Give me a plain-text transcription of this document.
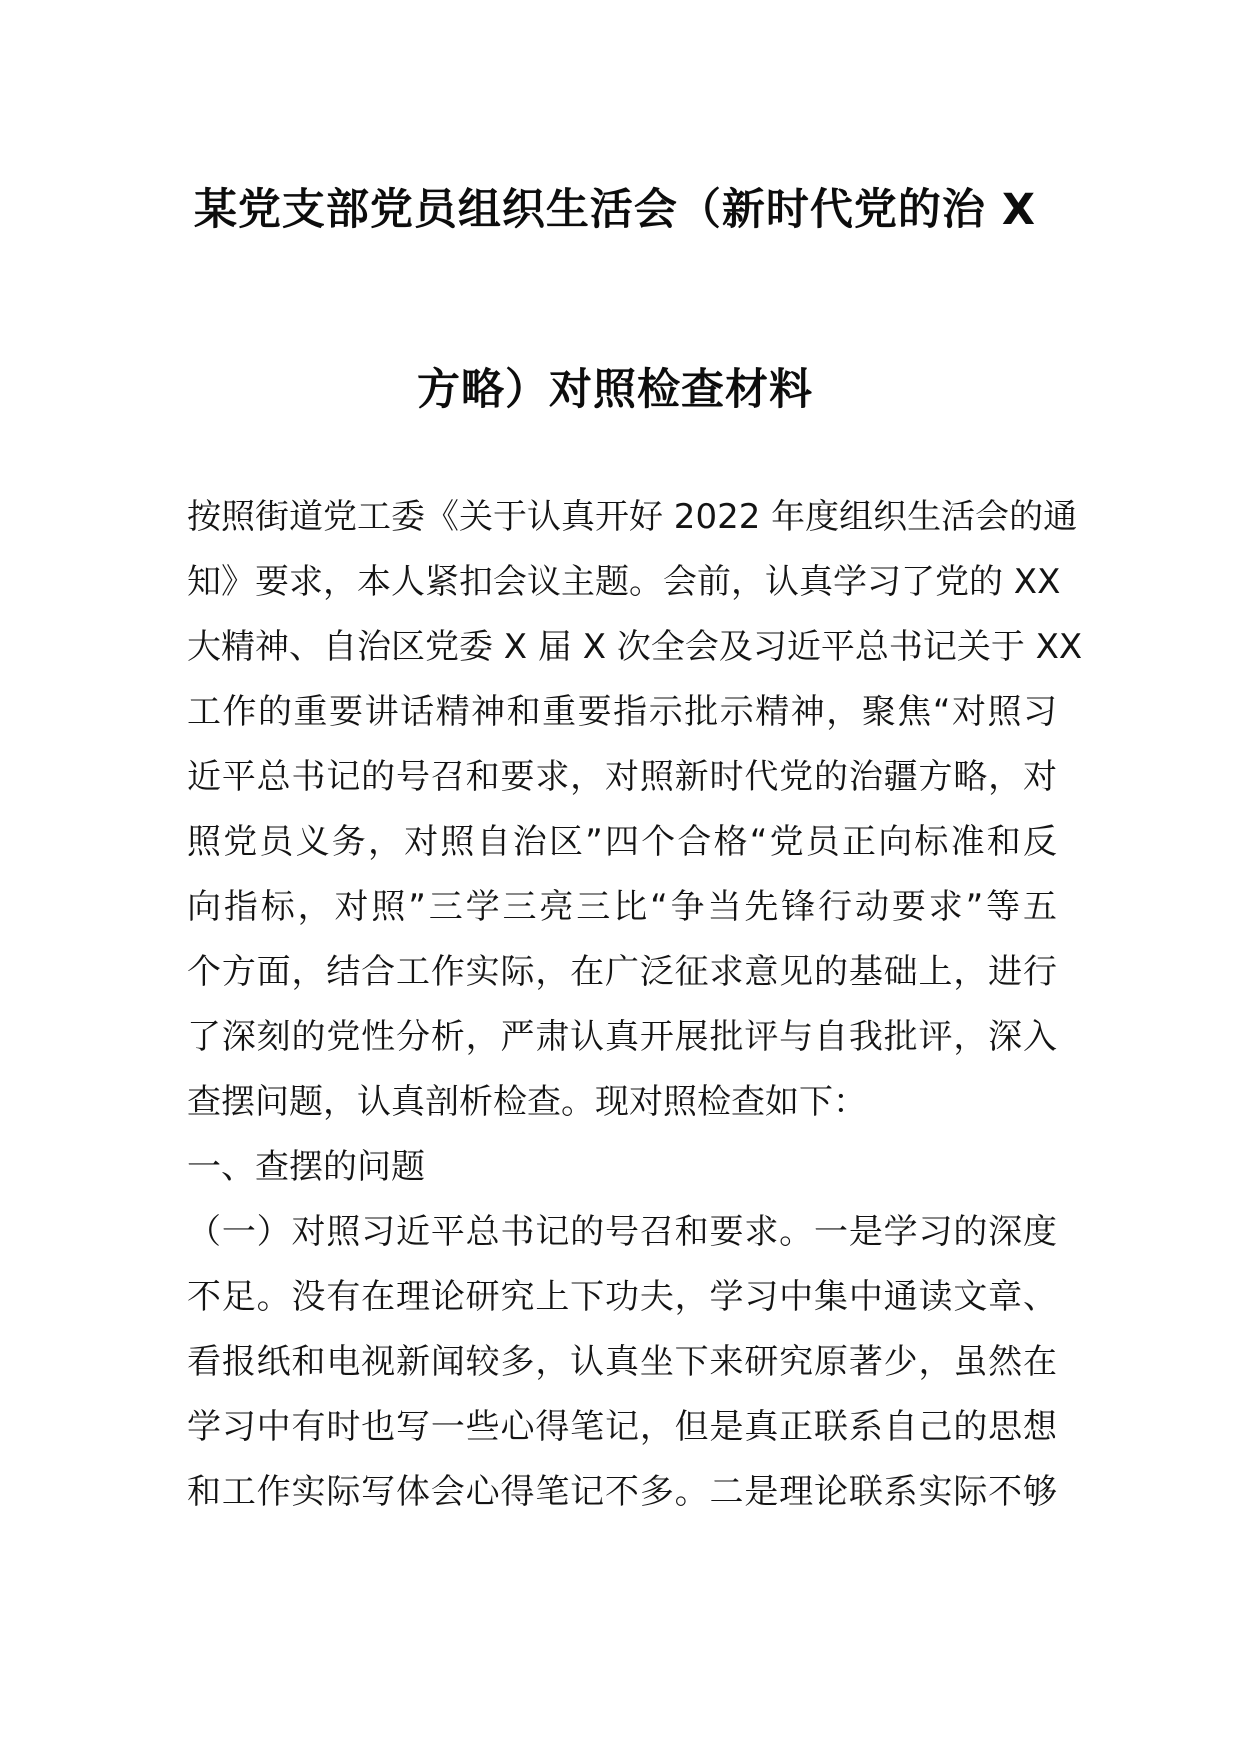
某党支部党员组织生活会（新时代党的治 X
方略）对照检查材料
按照街道党工委《关于认真开好 2022 年度组织生活会的通
知》要求，本人紧扣会议主题。会前，认真学习了党的 XX
大精神、自治区党委 X 届 X 次全会及习近平总书记关于 XX
工作的重要讲话精神和重要指示批示精神，聚焦“对照习
近平总书记的号召和要求，对照新时代党的治疆方略，对
照党员义务，对照自治区”四个合格“党员正向标准和反
向指标，对照”三学三亮三比“争当先锋行动要求”等五
个方面，结合工作实际，在广泛征求意见的基础上，进行
了深刻的党性分析，严肃认真开展批评与自我批评，深入
查摆问题，认真剖析检查。现对照检查如下：
一、查摆的问题
（一）对照习近平总书记的号召和要求。一是学习的深度
不足。没有在理论研究上下功夫，学习中集中通读文章、
看报纸和电视新闻较多，认真坐下来研究原著少，虽然在
学习中有时也写一些心得笔记，但是真正联系自己的思想
和工作实际写体会心得笔记不多。二是理论联系实际不够
